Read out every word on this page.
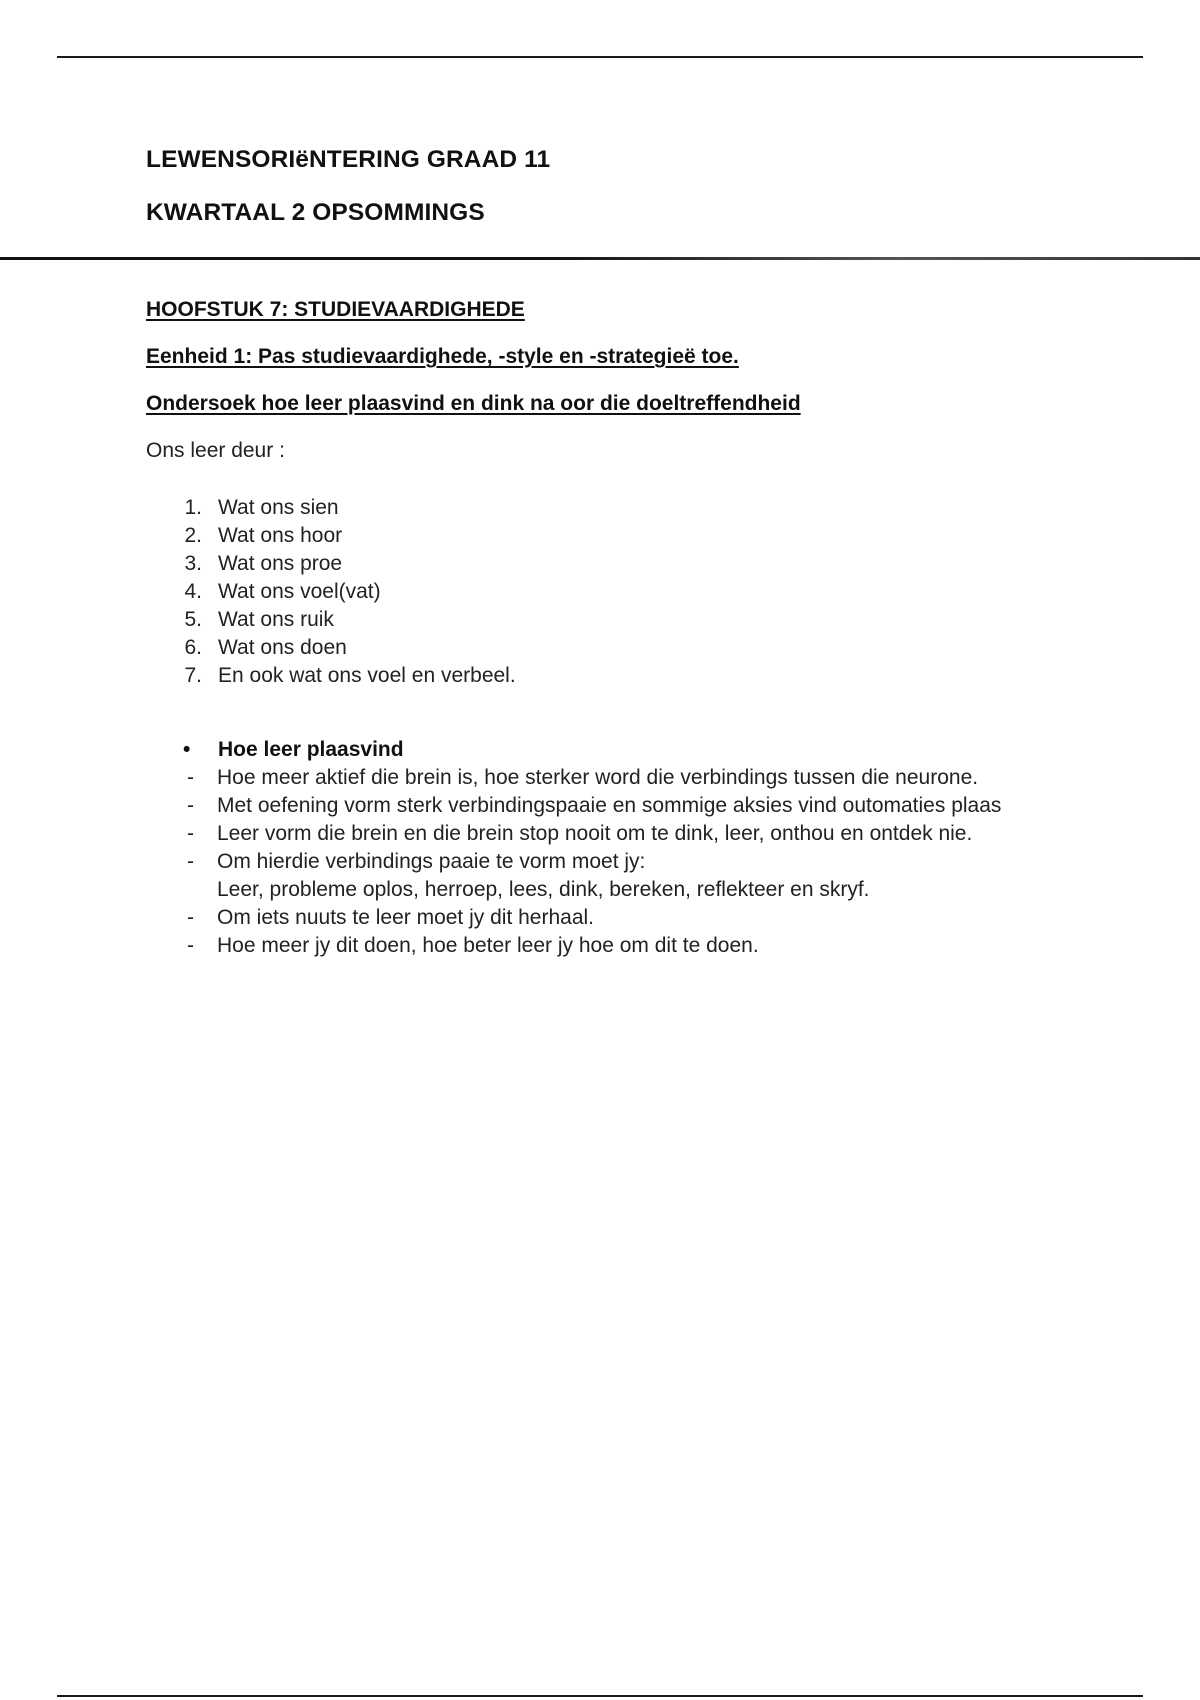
LEWENSORIëNTERING GRAAD 11
KWARTAAL 2 OPSOMMINGS
HOOFSTUK 7: STUDIEVAARDIGHEDE
Eenheid 1: Pas studievaardighede, -style en -strategieë toe.
Ondersoek hoe leer plaasvind en dink na oor die doeltreffendheid

Ons leer deur :

1. Wat ons sien
2. Wat ons hoor
3. Wat ons proe
4. Wat ons voel(vat)
5. Wat ons ruik
6. Wat ons doen
7. En ook wat ons voel en verbeel.
• Hoe leer plaasvind
- Hoe meer aktief die brein is, hoe sterker word die verbindings tussen die neurone.
- Met oefening vorm sterk verbindingspaaie en sommige aksies vind outomaties plaas
- Leer vorm die brein en die brein stop nooit om te dink, leer, onthou en ontdek nie.
- Om hierdie verbindings paaie te vorm moet jy:
Leer, probleme oplos, herroep, lees, dink, bereken, reflekteer en skryf.
- Om iets nuuts te leer moet jy dit herhaal.
- Hoe meer jy dit doen, hoe beter leer jy hoe om dit te doen.
